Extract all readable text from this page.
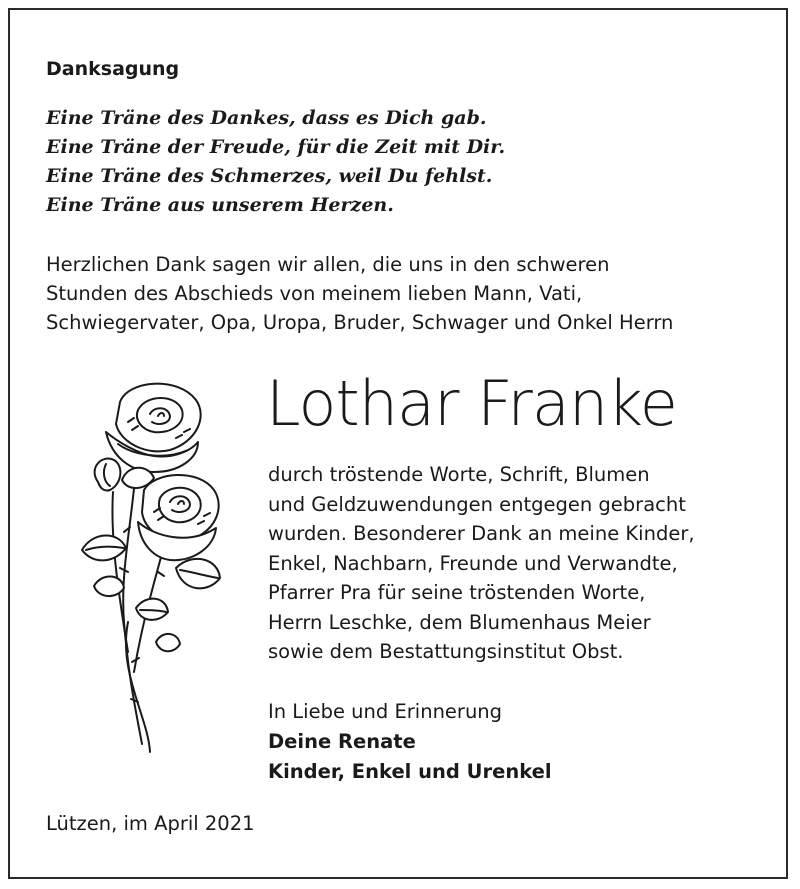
Danksagung
Eine Träne des Dankes, dass es Dich gab.
Eine Träne der Freude, für die Zeit mit Dir.
Eine Träne des Schmerzes, weil Du fehlst.
Eine Träne aus unserem Herzen.
Herzlichen Dank sagen wir allen, die uns in den schweren
Stunden des Abschieds von meinem lieben Mann, Vati,
Schwiegervater, Opa, Uropa, Bruder, Schwager und Onkel Herrn
Lothar Franke
durch tröstende Worte, Schrift, Blumen
und Geldzuwendungen entgegen gebracht
wurden. Besonderer Dank an meine Kinder,
Enkel, Nachbarn, Freunde und Verwandte,
Pfarrer Pra für seine tröstenden Worte,
Herrn Leschke, dem Blumenhaus Meier
sowie dem Bestattungsinstitut Obst.
In Liebe und Erinnerung
Deine Renate
Kinder, Enkel und Urenkel
Lützen, im April 2021
